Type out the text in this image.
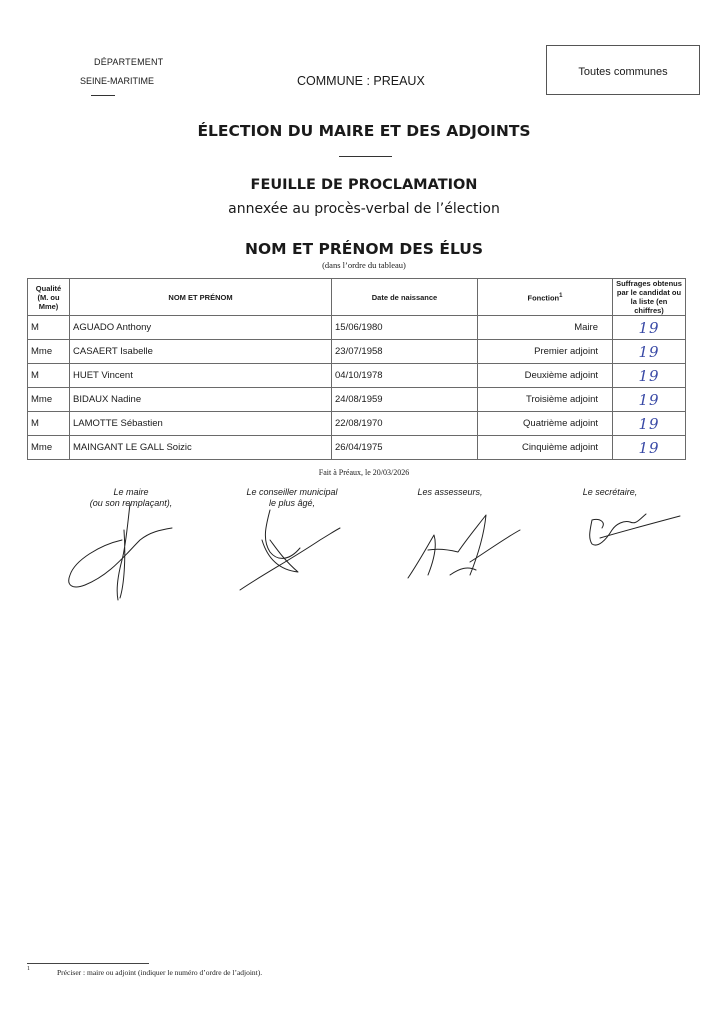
DÉPARTEMENT
SEINE-MARITIME	COMMUNE : PREAUX
Toutes communes
ÉLECTION DU MAIRE ET DES ADJOINTS
FEUILLE DE PROCLAMATION
annexée au procès-verbal de l’élection
NOM ET PRÉNOM DES ÉLUS
(dans l’ordre du tableau)
Qualité (M. ou Mme)	NOM ET PRÉNOM	Date de naissance	Fonction$^1$	Suffrages obtenus par le candidat ou la liste (en chiffres)
M	AGUADO Anthony	15/06/1980	Maire	19
Mme	CASAERT Isabelle	23/07/1958	Premier adjoint	19
M	HUET Vincent	04/10/1978	Deuxième adjoint	19
Mme	BIDAUX Nadine	24/08/1959	Troisième adjoint	19
M	LAMOTTE Sébastien	22/08/1970	Quatrième adjoint	19
Mme	MAINGANT LE GALL Soizic	26/04/1975	Cinquième adjoint	19
Fait à Préaux, le 20/03/2026
Le maire
(ou son remplaçant),
Le conseiller municipal
le plus âgé,
Les assesseurs,	Le secrétaire,
1	Préciser : maire ou adjoint (indiquer le numéro d’ordre de l’adjoint).
